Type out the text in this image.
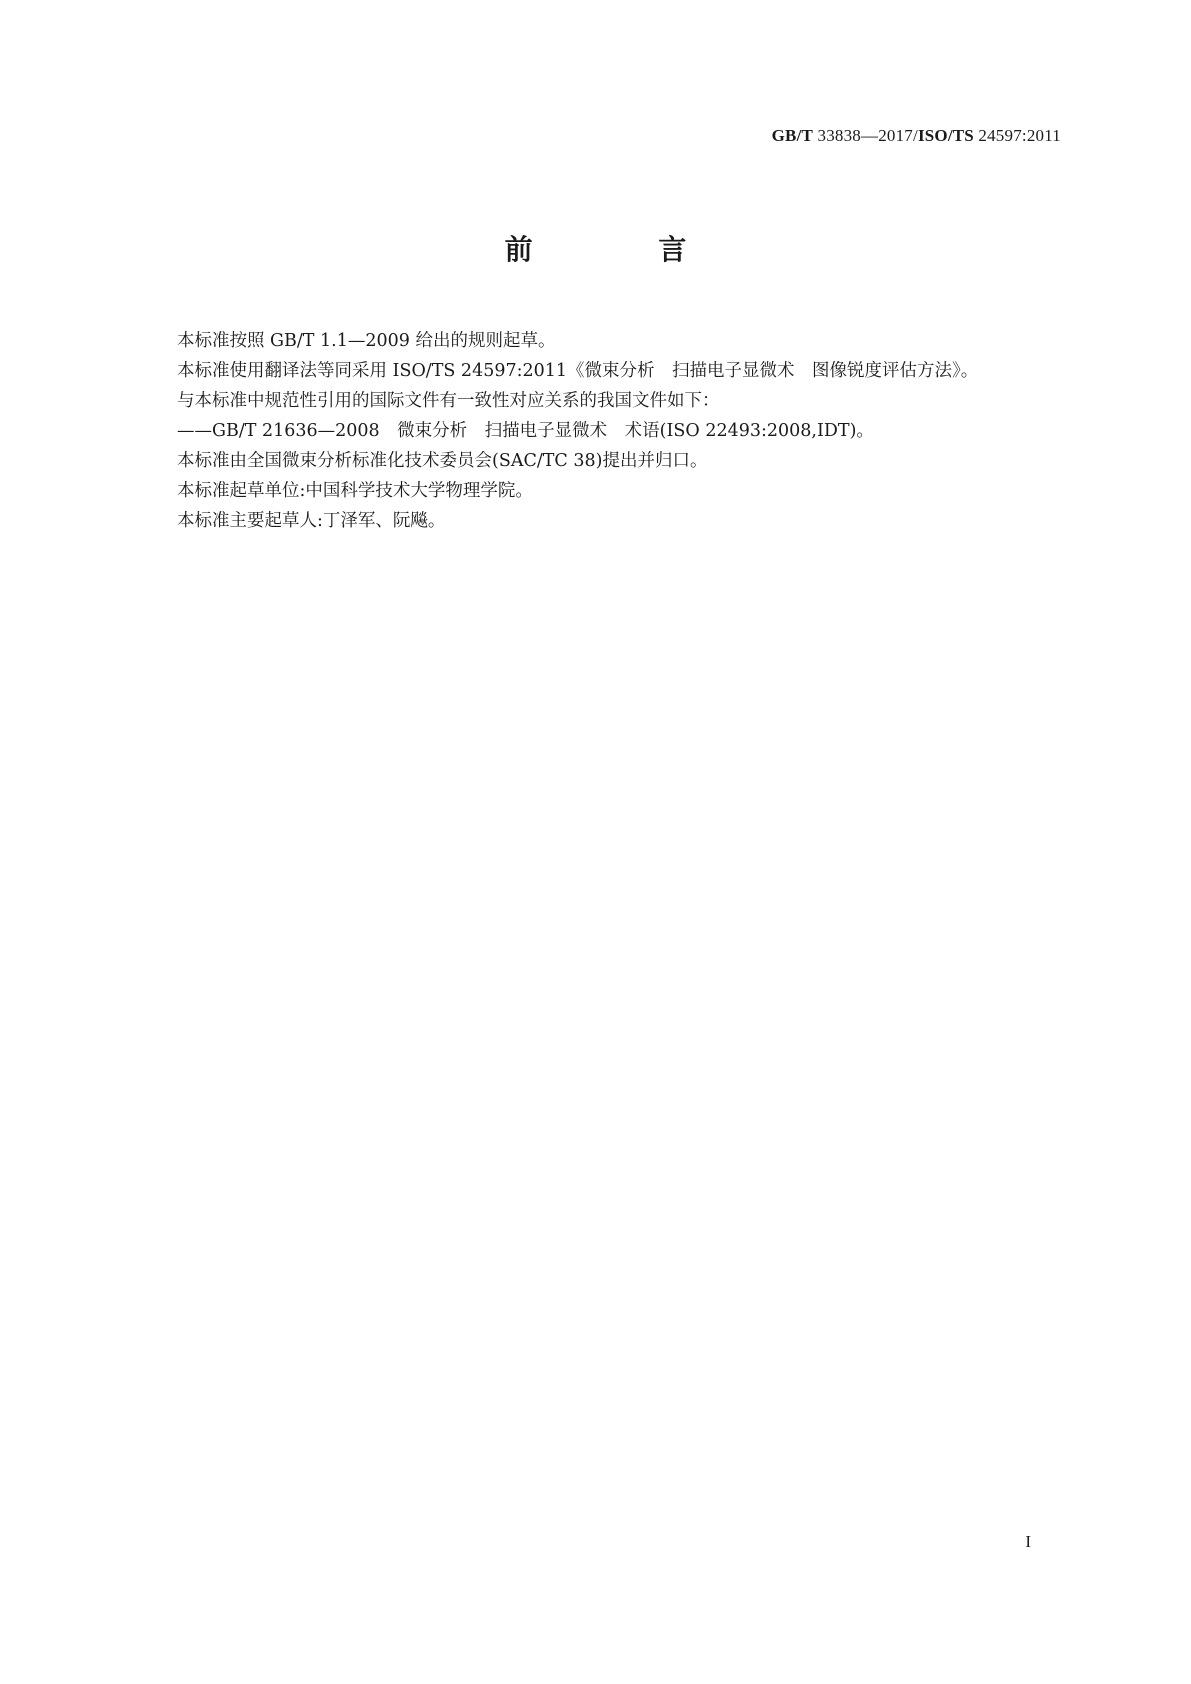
GB/T 33838—2017/ISO/TS 24597:2011
前 言

本标准按照 GB/T 1.1—2009 给出的规则起草。

本标准使用翻译法等同采用 ISO/TS 24597:2011《微束分析　扫描电子显微术　图像锐度评估方法》。

与本标准中规范性引用的国际文件有一致性对应关系的我国文件如下：

——GB/T 21636—2008　微束分析　扫描电子显微术　术语(ISO 22493:2008,IDT)。

本标准由全国微束分析标准化技术委员会(SAC/TC 38)提出并归口。

本标准起草单位:中国科学技术大学物理学院。

本标准主要起草人:丁泽军、阮飚。

I
